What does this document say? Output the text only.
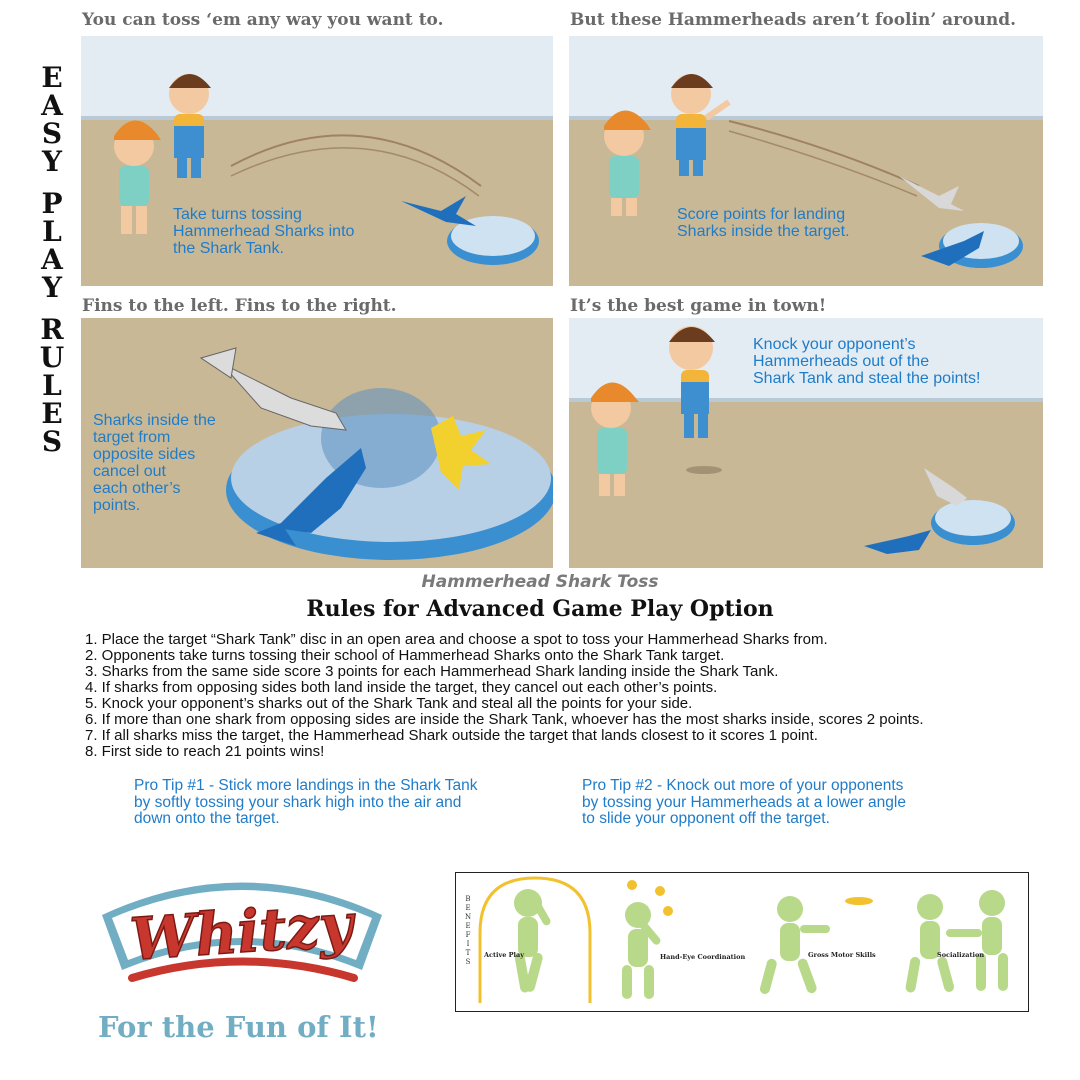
E
A
S
Y
P
L
A
Y
R
U
L
E
S
You can toss ‘em any way you want to.
Take turns tossing
Hammerhead Sharks into
the Shark Tank.
But these Hammerheads aren’t foolin’ around.
Score points for landing
Sharks inside the target.
Fins to the left. Fins to the right.
Sharks inside the
target from
opposite sides
cancel out
each other’s
points.
It’s the best game in town!
Knock your opponent’s
Hammerheads out of the
Shark Tank and steal the points!
Hammerhead Shark Toss
Rules for Advanced Game Play Option
1. Place the target “Shark Tank” disc in an open area and choose a spot to toss your Hammerhead Sharks from.
2. Opponents take turns tossing their school of Hammerhead Sharks onto the Shark Tank target.
3. Sharks from the same side score 3 points for each Hammerhead Shark landing inside the Shark Tank.
4. If sharks from opposing sides both land inside the target, they cancel out each other’s points.
5. Knock your opponent’s sharks out of the Shark Tank and steal all the points for your side.
6. If more than one shark from opposing sides are inside the Shark Tank, whoever has the most sharks inside, scores 2 points.
7. If all sharks miss the target, the Hammerhead Shark outside the target that lands closest to it scores 1 point.
8. First side to reach 21 points wins!
Pro Tip #1 - Stick more landings in the Shark Tank
by softly tossing your shark high into the air and
down onto the target.
Pro Tip #2 - Knock out more of your opponents
by tossing your Hammerheads at a lower angle
to slide your opponent off the target.
Whitzy
For the Fun of It!
B
E
N
E
F
I
T
S
Active Play	Hand-Eye Coordination	Gross Motor Skills	Socialization
